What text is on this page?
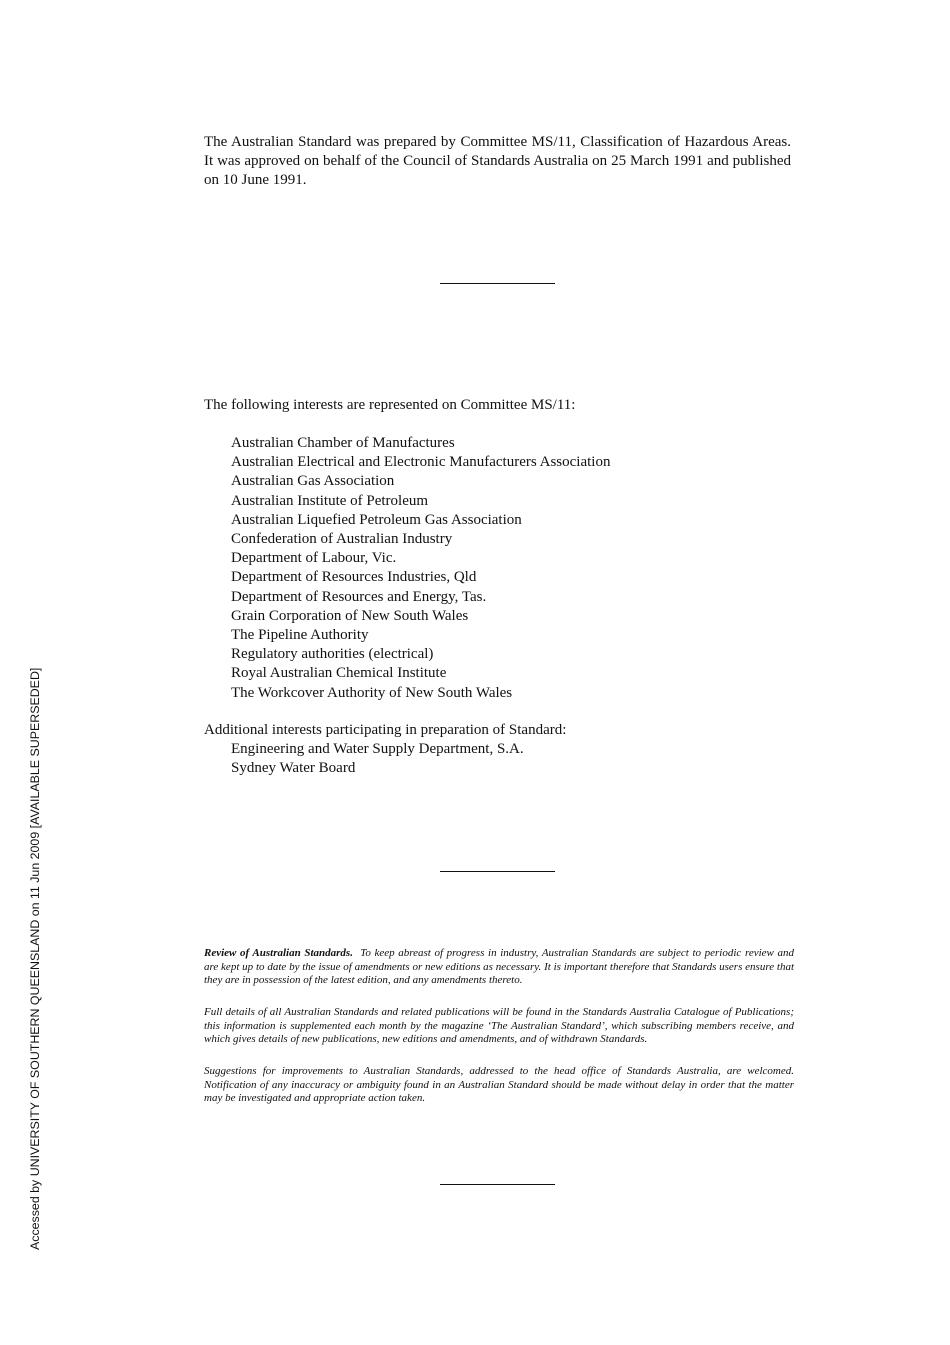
The Australian Standard was prepared by Committee MS/11, Classification of Hazardous Areas. It was approved on behalf of the Council of Standards Australia on 25 March 1991 and published on 10 June 1991.

The following interests are represented on Committee MS/11:

Australian Chamber of Manufactures
Australian Electrical and Electronic Manufacturers Association
Australian Gas Association
Australian Institute of Petroleum
Australian Liquefied Petroleum Gas Association
Confederation of Australian Industry
Department of Labour, Vic.
Department of Resources Industries, Qld
Department of Resources and Energy, Tas.
Grain Corporation of New South Wales
The Pipeline Authority
Regulatory authorities (electrical)
Royal Australian Chemical Institute
The Workcover Authority of New South Wales

Additional interests participating in preparation of Standard:

Engineering and Water Supply Department, S.A.
Sydney Water Board

Review of Australian Standards. To keep abreast of progress in industry, Australian Standards are subject to periodic review and are kept up to date by the issue of amendments or new editions as necessary. It is important therefore that Standards users ensure that they are in possession of the latest edition, and any amendments thereto.

Full details of all Australian Standards and related publications will be found in the Standards Australia Catalogue of Publications; this information is supplemented each month by the magazine ‘The Australian Standard’, which subscribing members receive, and which gives details of new publications, new editions and amendments, and of withdrawn Standards.

Suggestions for improvements to Australian Standards, addressed to the head office of Standards Australia, are welcomed. Notification of any inaccuracy or ambiguity found in an Australian Standard should be made without delay in order that the matter may be investigated and appropriate action taken.

Accessed by UNIVERSITY OF SOUTHERN QUEENSLAND on 11 Jun 2009 [AVAILABLE SUPERSEDED]
